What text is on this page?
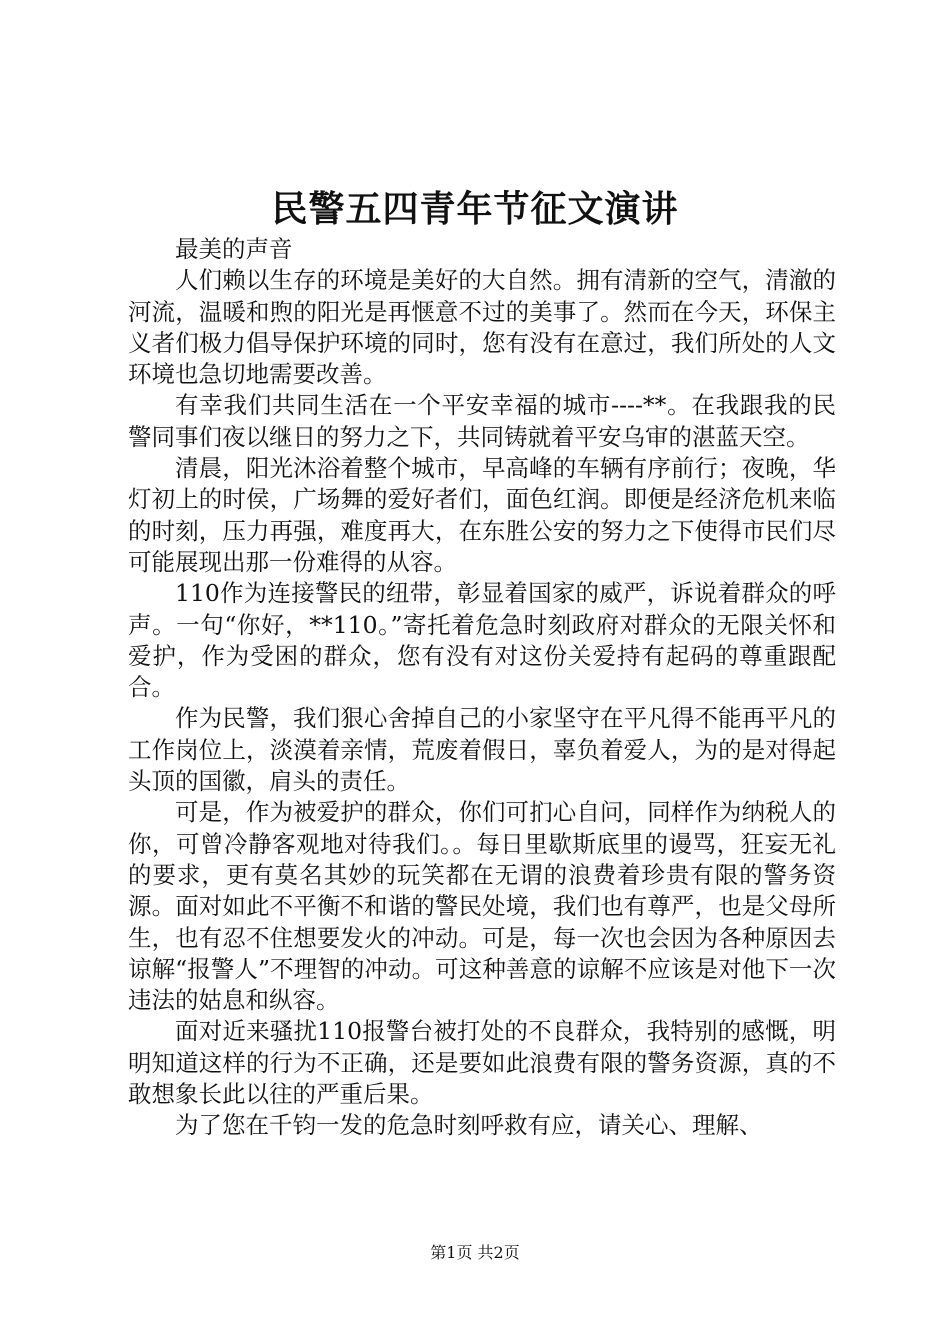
民警五四青年节征文演讲

最美的声音

人们赖以生存的环境是美好的大自然。拥有清新的空气，清澈的河流，温暖和煦的阳光是再惬意不过的美事了。然而在今天，环保主义者们极力倡导保护环境的同时，您有没有在意过，我们所处的人文环境也急切地需要改善。

有幸我们共同生活在一个平安幸福的城市----**。在我跟我的民警同事们夜以继日的努力之下，共同铸就着平安乌审的湛蓝天空。

清晨，阳光沐浴着整个城市，早高峰的车辆有序前行；夜晚，华灯初上的时侯，广场舞的爱好者们，面色红润。即便是经济危机来临的时刻，压力再强，难度再大，在东胜公安的努力之下使得市民们尽可能展现出那一份难得的从容。

110作为连接警民的纽带，彰显着国家的威严，诉说着群众的呼声。一句“你好，**110。”寄托着危急时刻政府对群众的无限关怀和爱护，作为受困的群众，您有没有对这份关爱持有起码的尊重跟配合。

作为民警，我们狠心舍掉自己的小家坚守在平凡得不能再平凡的工作岗位上，淡漠着亲情，荒废着假日，辜负着爱人，为的是对得起头顶的国徽，肩头的责任。

可是，作为被爱护的群众，你们可扪心自问，同样作为纳税人的你，可曾冷静客观地对待我们。。每日里歇斯底里的谩骂，狂妄无礼的要求，更有莫名其妙的玩笑都在无谓的浪费着珍贵有限的警务资源。面对如此不平衡不和谐的警民处境，我们也有尊严，也是父母所生，也有忍不住想要发火的冲动。可是，每一次也会因为各种原因去谅解“报警人”不理智的冲动。可这种善意的谅解不应该是对他下一次违法的姑息和纵容。

面对近来骚扰110报警台被打处的不良群众，我特别的感慨，明明知道这样的行为不正确，还是要如此浪费有限的警务资源，真的不敢想象长此以往的严重后果。

为了您在千钧一发的危急时刻呼救有应，请关心、理解、

第1页 共2页
